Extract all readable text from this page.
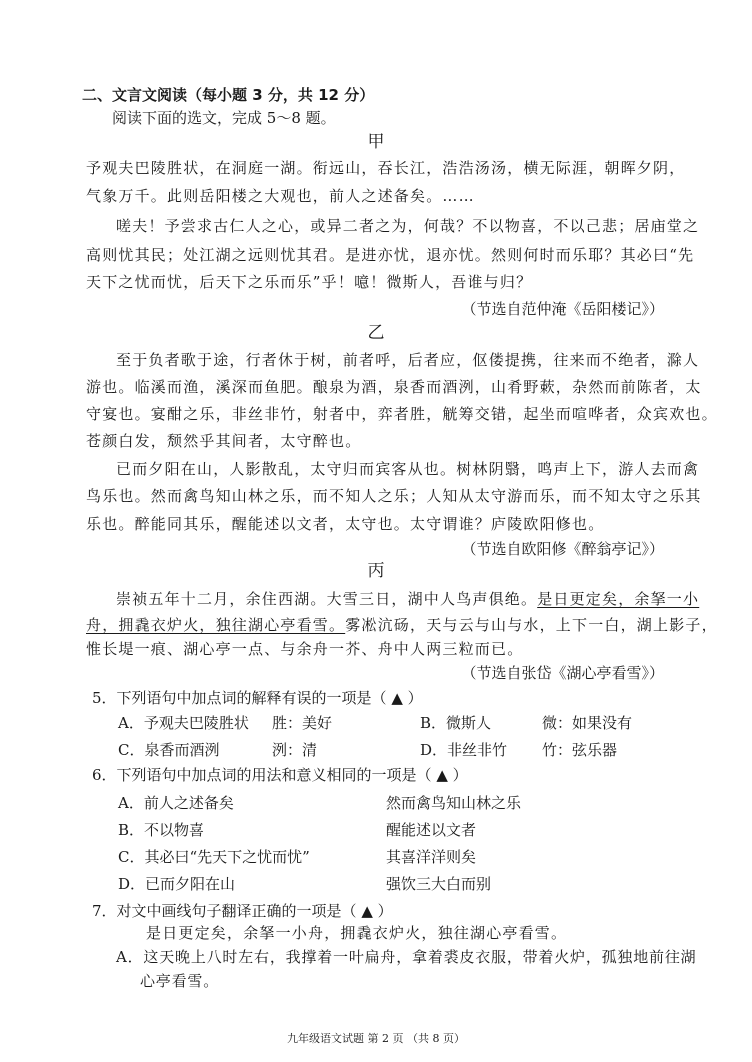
二、文言文阅读（每小题 3 分，共 12 分）
阅读下面的选文，完成 5～8 题。
甲
予观夫巴陵胜状，在洞庭一湖。衔远山，吞长江，浩浩汤汤，横无际涯，朝晖夕阴，
气象万千。此则岳阳楼之大观也，前人之述备矣。……
嗟夫！予尝求古仁人之心，或异二者之为，何哉？不以物喜，不以己悲；居庙堂之
高则忧其民；处江湖之远则忧其君。是进亦忧，退亦忧。然则何时而乐耶？其必曰“先
天下之忧而忧，后天下之乐而乐”乎！噫！微斯人，吾谁与归？
（节选自范仲淹《岳阳楼记》）
乙
至于负者歌于途，行者休于树，前者呼，后者应，伛偻提携，往来而不绝者，滁人
游也。临溪而渔，溪深而鱼肥。酿泉为酒，泉香而酒洌，山肴野蔌，杂然而前陈者，太
守宴也。宴酣之乐，非丝非竹，射者中，弈者胜，觥筹交错，起坐而喧哗者，众宾欢也。
苍颜白发，颓然乎其间者，太守醉也。
已而夕阳在山，人影散乱，太守归而宾客从也。树林阴翳，鸣声上下，游人去而禽
鸟乐也。然而禽鸟知山林之乐，而不知人之乐；人知从太守游而乐，而不知太守之乐其
乐也。醉能同其乐，醒能述以文者，太守也。太守谓谁？庐陵欧阳修也。
（节选自欧阳修《醉翁亭记》）
丙
崇祯五年十二月，余住西湖。大雪三日，湖中人鸟声俱绝。是日更定矣，余拏一小
舟，拥毳衣炉火，独往湖心亭看雪。雾凇沆砀，天与云与山与水，上下一白，湖上影子，
惟长堤一痕、湖心亭一点、与余舟一芥、舟中人两三粒而已。
（节选自张岱《湖心亭看雪》）
5．下列语句中加点词的解释有误的一项是（ ▲ ）
A．予观夫巴陵胜状 胜：美好	B．微斯人	微：如果没有
C．泉香而酒洌	洌：清	D．非丝非竹 竹：弦乐器
6．下列语句中加点词的用法和意义相同的一项是（ ▲ ）
A．前人之述备矣	然而禽鸟知山林之乐
B．不以物喜	醒能述以文者
C．其必曰“先天下之忧而忧”	其喜洋洋则矣
D．已而夕阳在山	强饮三大白而别
7．对文中画线句子翻译正确的一项是（ ▲ ）
是日更定矣，余拏一小舟，拥毳衣炉火，独往湖心亭看雪。
A．这天晚上八时左右，我撑着一叶扁舟，拿着裘皮衣服，带着火炉，孤独地前往湖
心亭看雪。
九年级语文试题 第 2 页 （共 8 页）
